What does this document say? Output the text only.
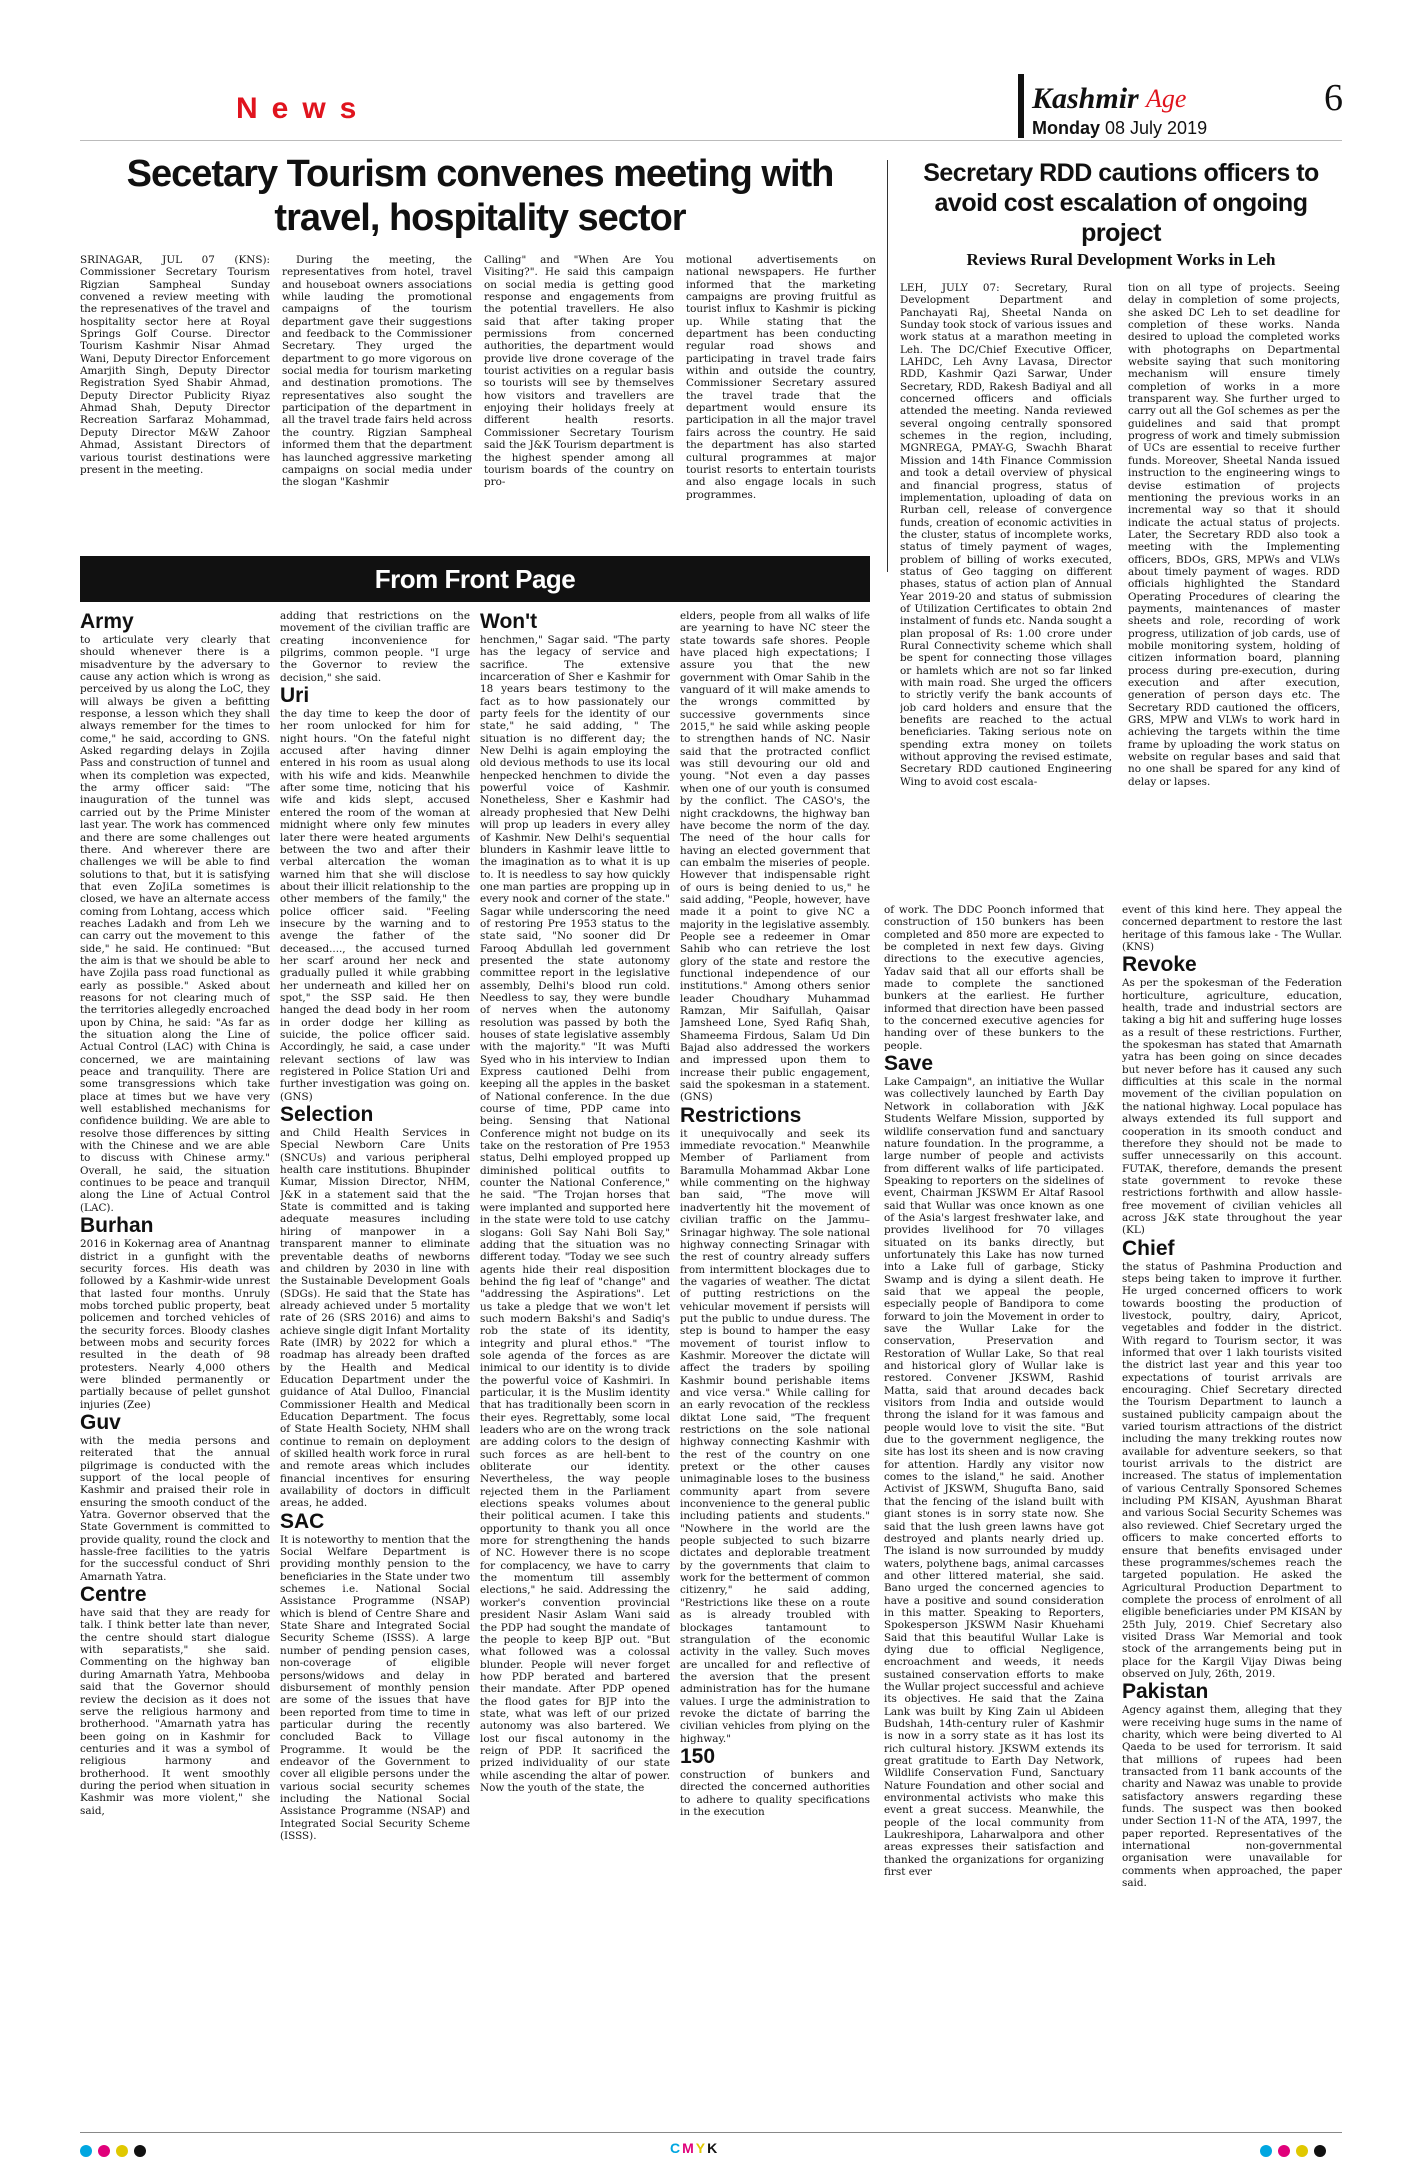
News	Kashmir Age
Monday 08 July 2019
6
Secetary Tourism convenes meeting with travel, hospitality sector

SRINAGAR, JUL 07 (KNS): Commissioner Secretary Tourism Rigzian Sampheal Sunday convened a review meeting with the represenatives of the travel and hospitality sector here at Royal Springs Golf Course. Director Tourism Kashmir Nisar Ahmad Wani, Deputy Director Enforcement Amarjith Singh, Deputy Director Registration Syed Shabir Ahmad, Deputy Director Publicity Riyaz Ahmad Shah, Deputy Director Recreation Sarfaraz Mohammad, Deputy Director M&W Zahoor Ahmad, Assistant Directors of various tourist destinations were present in the meeting.

During the meeting, the representatives from hotel, travel and houseboat owners associations while lauding the promotional campaigns of the tourism department gave their suggestions and feedback to the Commissioner Secretary. They urged the department to go more vigorous on social media for tourism marketing and destination promotions. The representatives also sought the participation of the department in all the travel trade fairs held across the country. Rigzian Sampheal informed them that the department has launched aggressive marketing campaigns on social media under the slogan "Kashmir

Calling" and "When Are You Visiting?". He said this campaign on social media is getting good response and engagements from the potential travellers. He also said that after taking proper permissions from concerned authorities, the department would provide live drone coverage of the tourist activities on a regular basis so tourists will see by themselves how visitors and travellers are enjoying their holidays freely at different health resorts. Commissioner Secretary Tourism said the J&K Tourism department is the highest spender among all tourism boards of the country on pro-

motional advertisements on national newspapers. He further informed that the marketing campaigns are proving fruitful as tourist influx to Kashmir is picking up. While stating that the department has been conducting regular road shows and participating in travel trade fairs within and outside the country, Commissioner Secretary assured the travel trade that the department would ensure its participation in all the major travel fairs across the country. He said the department has also started cultural programmes at major tourist resorts to entertain tourists and also engage locals in such programmes.

Secretary RDD cautions officers to avoid cost escalation of ongoing project
Reviews Rural Development Works in Leh

LEH, JULY 07: Secretary, Rural Development Department and Panchayati Raj, Sheetal Nanda on Sunday took stock of various issues and work status at a marathon meeting in Leh. The DC/Chief Executive Officer, LAHDC, Leh Avny Lavasa, Director RDD, Kashmir Qazi Sarwar, Under Secretary, RDD, Rakesh Badiyal and all concerned officers and officials attended the meeting. Nanda reviewed several ongoing centrally sponsored schemes in the region, including, MGNREGA, PMAY-G, Swachh Bharat Mission and 14th Finance Commission and took a detail overview of physical and financial progress, status of implementation, uploading of data on Rurban cell, release of convergence funds, creation of economic activities in the cluster, status of incomplete works, status of timely payment of wages, problem of billing of works executed, status of Geo tagging on different phases, status of action plan of Annual Year 2019-20 and status of submission of Utilization Certificates to obtain 2nd instalment of funds etc. Nanda sought a plan proposal of Rs: 1.00 crore under Rural Connectivity scheme which shall be spent for connecting those villages or hamlets which are not so far linked with main road. She urged the officers to strictly verify the bank accounts of job card holders and ensure that the benefits are reached to the actual beneficiaries. Taking serious note on spending extra money on toilets without approving the revised estimate, Secretary RDD cautioned Engineering Wing to avoid cost escala-

tion on all type of projects. Seeing delay in completion of some projects, she asked DC Leh to set deadline for completion of these works. Nanda desired to upload the completed works with photographs on Departmental website saying that such monitoring mechanism will ensure timely completion of works in a more transparent way. She further urged to carry out all the GoI schemes as per the guidelines and said that prompt progress of work and timely submission of UCs are essential to receive further funds. Moreover, Sheetal Nanda issued instruction to the engineering wings to devise estimation of projects mentioning the previous works in an incremental way so that it should indicate the actual status of projects. Later, the Secretary RDD also took a meeting with the Implementing officers, BDOs, GRS, MPWs and VLWs about timely payment of wages. RDD officials highlighted the Standard Operating Procedures of clearing the payments, maintenances of master sheets and role, recording of work progress, utilization of job cards, use of mobile monitoring system, holding of citizen information board, planning process during pre-execution, during execution and after execution, generation of person days etc. The Secretary RDD cautioned the officers, GRS, MPW and VLWs to work hard in achieving the targets within the time frame by uploading the work status on website on regular bases and said that no one shall be spared for any kind of delay or lapses.

From Front Page

Army

to articulate very clearly that should whenever there is a misadventure by the adversary to cause any action which is wrong as perceived by us along the LoC, they will always be given a befitting response, a lesson which they shall always remember for the times to come," he said, according to GNS. Asked regarding delays in Zojila Pass and construction of tunnel and when its completion was expected, the army officer said: "The inauguration of the tunnel was carried out by the Prime Minister last year. The work has commenced and there are some challenges out there. And wherever there are challenges we will be able to find solutions to that, but it is satisfying that even ZoJiLa sometimes is closed, we have an alternate access coming from Lohtang, access which reaches Ladakh and from Leh we can carry out the movement to this side," he said. He continued: "But the aim is that we should be able to have Zojila pass road functional as early as possible." Asked about reasons for not clearing much of the territories allegedly encroached upon by China, he said: "As far as the situation along the Line of Actual Control (LAC) with China is concerned, we are maintaining peace and tranquility. There are some transgressions which take place at times but we have very well established mechanisms for confidence building. We are able to resolve those differences by sitting with the Chinese and we are able to discuss with Chinese army." Overall, he said, the situation continues to be peace and tranquil along the Line of Actual Control (LAC).

Burhan

2016 in Kokernag area of Anantnag district in a gunfight with the security forces. His death was followed by a Kashmir-wide unrest that lasted four months. Unruly mobs torched public property, beat policemen and torched vehicles of the security forces. Bloody clashes between mobs and security forces resulted in the death of 98 protesters. Nearly 4,000 others were blinded permanently or partially because of pellet gunshot injuries (Zee)

Guv

with the media persons and reiterated that the annual pilgrimage is conducted with the support of the local people of Kashmir and praised their role in ensuring the smooth conduct of the Yatra. Governor observed that the State Government is committed to provide quality, round the clock and hassle-free facilities to the yatris for the successful conduct of Shri Amarnath Yatra.

Centre

have said that they are ready for talk. I think better late than never, the centre should start dialogue with separatists," she said. Commenting on the highway ban during Amarnath Yatra, Mehbooba said that the Governor should review the decision as it does not serve the religious harmony and brotherhood. "Amarnath yatra has been going on in Kashmir for centuries and it was a symbol of religious harmony and brotherhood. It went smoothly during the period when situation in Kashmir was more violent," she said,

adding that restrictions on the movement of the civilian traffic are creating inconvenience for pilgrims, common people. "I urge the Governor to review the decision," she said.

Uri

the day time to keep the door of her room unlocked for him for night hours. "On the fateful night accused after having dinner entered in his room as usual along with his wife and kids. Meanwhile after some time, noticing that his wife and kids slept, accused entered the room of the woman at midnight where only few minutes later there were heated arguments between the two and after their verbal altercation the woman warned him that she will disclose about their illicit relationship to the other members of the family," the police officer said. "Feeling insecure by the warning and to avenge the father of the deceased...., the accused turned her scarf around her neck and gradually pulled it while grabbing her underneath and killed her on spot," the SSP said. He then hanged the dead body in her room in order dodge her killing as suicide, the police officer said. Accordingly, he said, a case under relevant sections of law was registered in Police Station Uri and further investigation was going on. (GNS)

Selection

and Child Health Services in Special Newborn Care Units (SNCUs) and various peripheral health care institutions. Bhupinder Kumar, Mission Director, NHM, J&K in a statement said that the State is committed and is taking adequate measures including hiring of manpower in a transparent manner to eliminate preventable deaths of newborns and children by 2030 in line with the Sustainable Development Goals (SDGs). He said that the State has already achieved under 5 mortality rate of 26 (SRS 2016) and aims to achieve single digit Infant Mortality Rate (IMR) by 2022 for which a roadmap has already been drafted by the Health and Medical Education Department under the guidance of Atal Dulloo, Financial Commissioner Health and Medical Education Department. The focus of State Health Society, NHM shall continue to remain on deployment of skilled health work force in rural and remote areas which includes financial incentives for ensuring availability of doctors in difficult areas, he added.

SAC

It is noteworthy to mention that the Social Welfare Department is providing monthly pension to the beneficiaries in the State under two schemes i.e. National Social Assistance Programme (NSAP) which is blend of Centre Share and State Share and Integrated Social Security Scheme (ISSS). A large number of pending pension cases, non-coverage of eligible persons/widows and delay in disbursement of monthly pension are some of the issues that have been reported from time to time in particular during the recently concluded Back to Village Programme. It would be the endeavor of the Government to cover all eligible persons under the various social security schemes including the National Social Assistance Programme (NSAP) and Integrated Social Security Scheme (ISSS).

Won't

henchmen," Sagar said. "The party has the legacy of service and sacrifice. The extensive incarceration of Sher e Kashmir for 18 years bears testimony to the fact as to how passionately our party feels for the identity of our state," he said adding, " The situation is no different day; the New Delhi is again employing the old devious methods to use its local henpecked henchmen to divide the powerful voice of Kashmir. Nonetheless, Sher e Kashmir had already prophesied that New Delhi will prop up leaders in every alley of Kashmir. New Delhi's sequential blunders in Kashmir leave little to the imagination as to what it is up to. It is needless to say how quickly one man parties are propping up in every nook and corner of the state." Sagar while underscoring the need of restoring Pre 1953 status to the state said, "No sooner did Dr Farooq Abdullah led government presented the state autonomy committee report in the legislative assembly, Delhi's blood run cold. Needless to say, they were bundle of nerves when the autonomy resolution was passed by both the houses of state legislative assembly with the majority." "It was Mufti Syed who in his interview to Indian Express cautioned Delhi from keeping all the apples in the basket of National conference. In the due course of time, PDP came into being. Sensing that National Conference might not budge on its take on the restoration of Pre 1953 status, Delhi employed propped up diminished political outfits to counter the National Conference," he said. "The Trojan horses that were implanted and supported here in the state were told to use catchy slogans: Goli Say Nahi Boli Say," adding that the situation was no different today. "Today we see such agents hide their real disposition behind the fig leaf of "change" and "addressing the Aspirations". Let us take a pledge that we won't let such modern Bakshi's and Sadiq's rob the state of its identity, integrity and plural ethos." "The sole agenda of the forces as are inimical to our identity is to divide the powerful voice of Kashmiri. In particular, it is the Muslim identity that has traditionally been scorn in their eyes. Regrettably, some local leaders who are on the wrong track are adding colors to the design of such forces as are hell-bent to obliterate our identity. Nevertheless, the way people rejected them in the Parliament elections speaks volumes about their political acumen. I take this opportunity to thank you all once more for strengthening the hands of NC. However there is no scope for complacency, we have to carry the momentum till assembly elections," he said. Addressing the worker's convention provincial president Nasir Aslam Wani said the PDP had sought the mandate of the people to keep BJP out. "But what followed was a colossal blunder. People will never forget how PDP berated and bartered their mandate. After PDP opened the flood gates for BJP into the state, what was left of our prized autonomy was also bartered. We lost our fiscal autonomy in the reign of PDP. It sacrificed the prized individuality of our state while ascending the altar of power. Now the youth of the state, the

elders, people from all walks of life are yearning to have NC steer the state towards safe shores. People have placed high expectations; I assure you that the new government with Omar Sahib in the vanguard of it will make amends to the wrongs committed by successive governments since 2015," he said while asking people to strengthen hands of NC. Nasir said that the protracted conflict was still devouring our old and young. "Not even a day passes when one of our youth is consumed by the conflict. The CASO's, the night crackdowns, the highway ban have become the norm of the day. The need of the hour calls for having an elected government that can embalm the miseries of people. However that indispensable right of ours is being denied to us," he said adding, "People, however, have made it a point to give NC a majority in the legislative assembly. People see a redeemer in Omar Sahib who can retrieve the lost glory of the state and restore the functional independence of our institutions." Among others senior leader Choudhary Muhammad Ramzan, Mir Saifullah, Qaisar Jamsheed Lone, Syed Rafiq Shah, Shameema Firdous, Salam Ud Din Bajad also addressed the workers and impressed upon them to increase their public engagement, said the spokesman in a statement. (GNS)

Restrictions

it unequivocally and seek its immediate revocation." Meanwhile Member of Parliament from Baramulla Mohammad Akbar Lone while commenting on the highway ban said, "The move will inadvertently hit the movement of civilian traffic on the Jammu–Srinagar highway. The sole national highway connecting Srinagar with the rest of country already suffers from intermittent blockages due to the vagaries of weather. The dictat of putting restrictions on the vehicular movement if persists will put the public to undue duress. The step is bound to hamper the easy movement of tourist inflow to Kashmir. Moreover the dictate will affect the traders by spoiling Kashmir bound perishable items and vice versa." While calling for an early revocation of the reckless diktat Lone said, "The frequent restrictions on the sole national highway connecting Kashmir with the rest of the country on one pretext or the other causes unimaginable loses to the business community apart from severe inconvenience to the general public including patients and students." "Nowhere in the world are the people subjected to such bizarre dictates and deplorable treatment by the governments that claim to work for the betterment of common citizenry," he said adding, "Restrictions like these on a route as is already troubled with blockages tantamount to strangulation of the economic activity in the valley. Such moves are uncalled for and reflective of the aversion that the present administration has for the humane values. I urge the administration to revoke the dictate of barring the civilian vehicles from plying on the highway."

150

construction of bunkers and directed the concerned authorities to adhere to quality specifications in the execution

of work. The DDC Poonch informed that construction of 150 bunkers has been completed and 850 more are expected to be completed in next few days. Giving directions to the executive agencies, Yadav said that all our efforts shall be made to complete the sanctioned bunkers at the earliest. He further informed that direction have been passed to the concerned executive agencies for handing over of these bunkers to the people.

Save

Lake Campaign", an initiative the Wullar was collectively launched by Earth Day Network in collaboration with J&K Students Welfare Mission, supported by wildlife conservation fund and sanctuary nature foundation. In the programme, a large number of people and activists from different walks of life participated. Speaking to reporters on the sidelines of event, Chairman JKSWM Er Altaf Rasool said that Wullar was once known as one of the Asia's largest freshwater lake, and provides livelihood for 70 villages situated on its banks directly, but unfortunately this Lake has now turned into a Lake full of garbage, Sticky Swamp and is dying a silent death. He said that we appeal the people, especially people of Bandipora to come forward to join the Movement in order to save the Wullar Lake for the conservation, Preservation and Restoration of Wullar Lake, So that real and historical glory of Wullar lake is restored. Convener JKSWM, Rashid Matta, said that around decades back visitors from India and outside would throng the island for it was famous and people would love to visit the site. "But due to the government negligence, the site has lost its sheen and is now craving for attention. Hardly any visitor now comes to the island," he said. Another Activist of JKSWM, Shugufta Bano, said that the fencing of the island built with giant stones is in sorry state now. She said that the lush green lawns have got destroyed and plants nearly dried up. The island is now surrounded by muddy waters, polythene bags, animal carcasses and other littered material, she said. Bano urged the concerned agencies to have a positive and sound consideration in this matter. Speaking to Reporters, Spokesperson JKSWM Nasir Khuehami Said that this beautiful Wullar Lake is dying due to official Negligence, encroachment and weeds, it needs sustained conservation efforts to make the Wullar project successful and achieve its objectives. He said that the Zaina Lank was built by King Zain ul Abideen Budshah, 14th-century ruler of Kashmir is now in a sorry state as it has lost its rich cultural history. JKSWM extends its great gratitude to Earth Day Network, Wildlife Conservation Fund, Sanctuary Nature Foundation and other social and environmental activists who make this event a great success. Meanwhile, the people of the local community from Laukreshipora, Laharwalpora and other areas expresses their satisfaction and thanked the organizations for organizing first ever

event of this kind here. They appeal the concerned department to restore the last heritage of this famous lake - The Wullar. (KNS)

Revoke

As per the spokesman of the Federation horticulture, agriculture, education, health, trade and industrial sectors are taking a big hit and suffering huge losses as a result of these restrictions. Further, the spokesman has stated that Amarnath yatra has been going on since decades but never before has it caused any such difficulties at this scale in the normal movement of the civilian population on the national highway. Local populace has always extended its full support and cooperation in its smooth conduct and therefore they should not be made to suffer unnecessarily on this account. FUTAK, therefore, demands the present state government to revoke these restrictions forthwith and allow hassle-free movement of civilian vehicles all across J&K state throughout the year (KL)

Chief

the status of Pashmina Production and steps being taken to improve it further. He urged concerned officers to work towards boosting the production of livestock, poultry, dairy, Apricot, vegetables and fodder in the district. With regard to Tourism sector, it was informed that over 1 lakh tourists visited the district last year and this year too expectations of tourist arrivals are encouraging. Chief Secretary directed the Tourism Department to launch a sustained publicity campaign about the varied tourism attractions of the district including the many trekking routes now available for adventure seekers, so that tourist arrivals to the district are increased. The status of implementation of various Centrally Sponsored Schemes including PM KISAN, Ayushman Bharat and various Social Security Schemes was also reviewed. Chief Secretary urged the officers to make concerted efforts to ensure that benefits envisaged under these programmes/schemes reach the targeted population. He asked the Agricultural Production Department to complete the process of enrolment of all eligible beneficiaries under PM KISAN by 25th July, 2019. Chief Secretary also visited Drass War Memorial and took stock of the arrangements being put in place for the Kargil Vijay Diwas being observed on July, 26th, 2019.

Pakistan

Agency against them, alleging that they were receiving huge sums in the name of charity, which were being diverted to Al Qaeda to be used for terrorism. It said that millions of rupees had been transacted from 11 bank accounts of the charity and Nawaz was unable to provide satisfactory answers regarding these funds. The suspect was then booked under Section 11-N of the ATA, 1997, the paper reported. Representatives of the international non-governmental organisation were unavailable for comments when approached, the paper said.

CMYK
